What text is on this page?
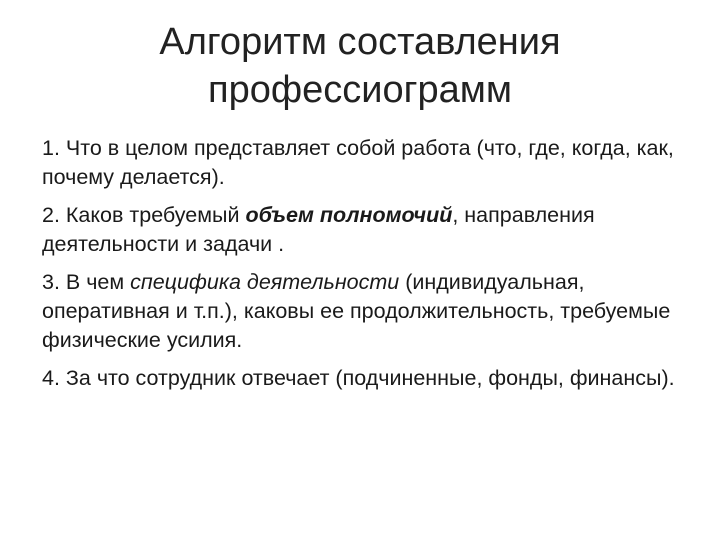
Алгоритм составления
профессиограмм
1. Что в целом представляет собой работа (что, где, когда, как, почему делается).
2. Каков требуемый объем полномочий, направления деятельности и задачи .
3. В чем специфика деятельности (индивидуальная, оперативная и т.п.), каковы ее продолжительность, требуемые физические усилия.
4. За что сотрудник отвечает (подчиненные, фонды, финансы).
